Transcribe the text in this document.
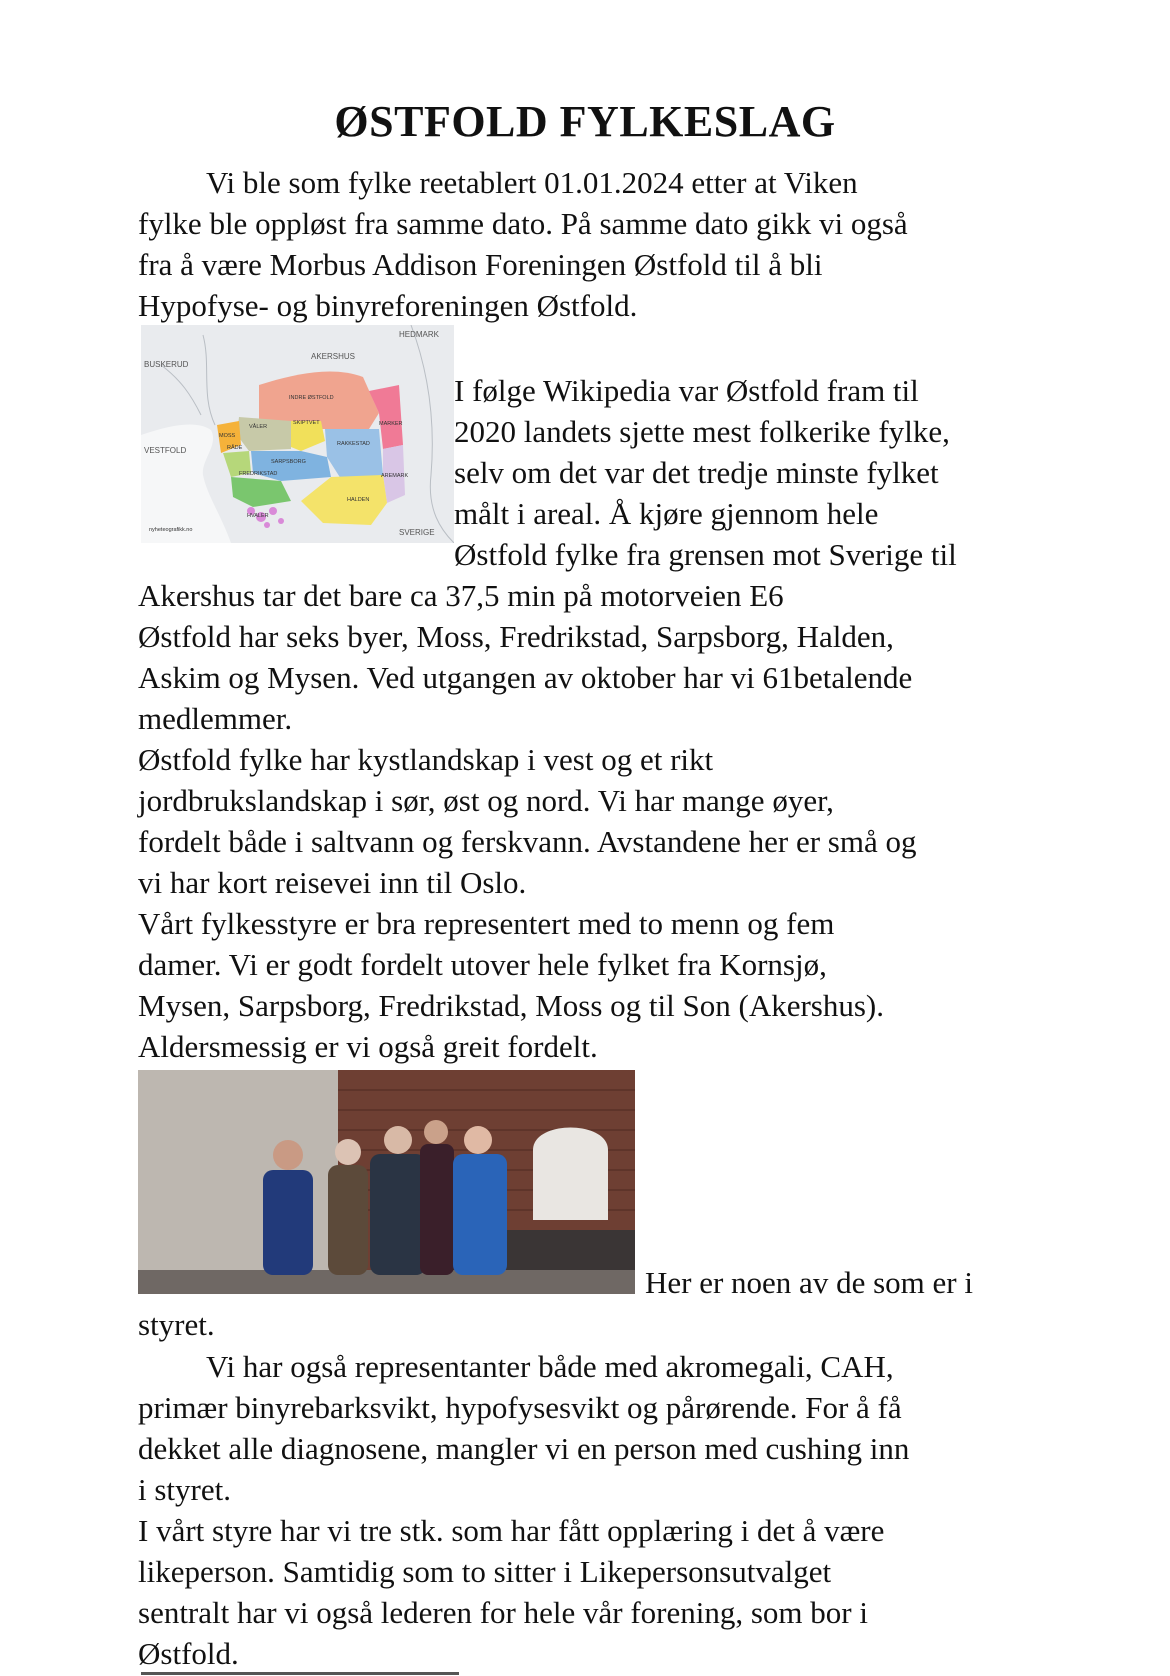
ØSTFOLD FYLKESLAG
Vi ble som fylke reetablert 01.01.2024 etter at Viken
fylke ble oppløst fra samme dato. På samme dato gikk vi også
fra å være Morbus Addison Foreningen Østfold til å bli
Hypofyse- og binyreforeningen Østfold.
HEDMARK
AKERSHUS
BUSKERUD
VESTFOLD
SVERIGE
INDRE ØSTFOLD
MARKER
VÅLER
SKIPTVET
MOSS
RÅDE
RAKKESTAD
SARPSBORG
FREDRIKSTAD	AREMARK
HALDEN
HVALER
nyheteografikk.no
I følge Wikipedia var Østfold fram til
2020 landets sjette mest folkerike fylke,
selv om det var det tredje minste fylket
målt i areal. Å kjøre gjennom hele
Østfold fylke fra grensen mot Sverige til
Akershus tar det bare ca 37,5 min på motorveien E6
Østfold har seks byer, Moss, Fredrikstad, Sarpsborg, Halden,
Askim og Mysen. Ved utgangen av oktober har vi 61betalende
medlemmer.
Østfold fylke har kystlandskap i vest og et rikt
jordbrukslandskap i sør, øst og nord. Vi har mange øyer,
fordelt både i saltvann og ferskvann. Avstandene her er små og
vi har kort reisevei inn til Oslo.
Vårt fylkesstyre er bra representert med to menn og fem
damer. Vi er godt fordelt utover hele fylket fra Kornsjø,
Mysen, Sarpsborg, Fredrikstad, Moss og til Son (Akershus).
Aldersmessig er vi også greit fordelt.
Her er noen av de som er i
styret.
Vi har også representanter både med akromegali, CAH,
primær binyrebarksvikt, hypofysesvikt og pårørende. For å få
dekket alle diagnosene, mangler vi en person med cushing inn
i styret.
I vårt styre har vi tre stk. som har fått opplæring i det å være
likeperson. Samtidig som to sitter i Likepersonsutvalget
sentralt har vi også lederen for hele vår forening, som bor i
Østfold.
